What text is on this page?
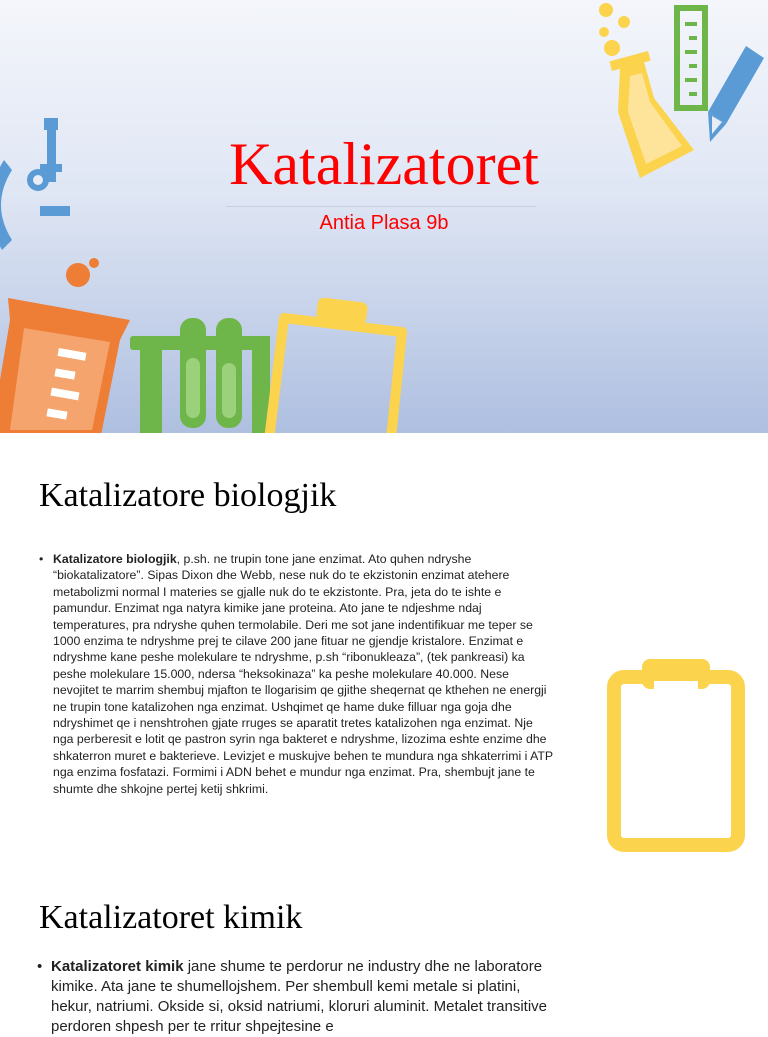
Katalizatoret
Antia Plasa 9b
Katalizatore biologjik
• Katalizatore biologjik, p.sh. ne trupin tone jane enzimat. Ato quhen ndryshe “biokatalizatore”. Sipas Dixon dhe Webb, nese nuk do te ekzistonin enzimat atehere metabolizmi normal I materies se gjalle nuk do te ekzistonte. Pra, jeta do te ishte e pamundur. Enzimat nga natyra kimike jane proteina. Ato jane te ndjeshme ndaj temperatures, pra ndryshe quhen termolabile. Deri me sot jane indentifikuar me teper se 1000 enzima te ndryshme prej te cilave 200 jane fituar ne gjendje kristalore. Enzimat e ndryshme kane peshe molekulare te ndryshme, p.sh “ribonukleaza”, (tek pankreasi) ka peshe molekulare 15.000, ndersa “heksokinaza” ka peshe molekulare 40.000. Nese nevojitet te marrim shembuj mjafton te llogarisim qe gjithe sheqernat qe kthehen ne energji ne trupin tone katalizohen nga enzimat. Ushqimet qe hame duke filluar nga goja dhe ndryshimet qe i nenshtrohen gjate rruges se aparatit tretes katalizohen nga enzimat. Nje nga perberesit e lotit qe pastron syrin nga bakteret e ndryshme, lizozima eshte enzime dhe shkaterron muret e bakterieve. Levizjet e muskujve behen te mundura nga shkaterrimi i ATP nga enzima fosfatazi. Formimi i ADN behet e mundur nga enzimat. Pra, shembujt jane te shumte dhe shkojne pertej ketij shkrimi.
Katalizatoret kimik
• Katalizatoret kimik jane shume te perdorur ne industry dhe ne laboratore kimike. Ata jane te shumellojshem. Per shembull kemi metale si platini, hekur, natriumi. Okside si, oksid natriumi, kloruri aluminit. Metalet transitive perdoren shpesh per te rritur shpejtesine e
